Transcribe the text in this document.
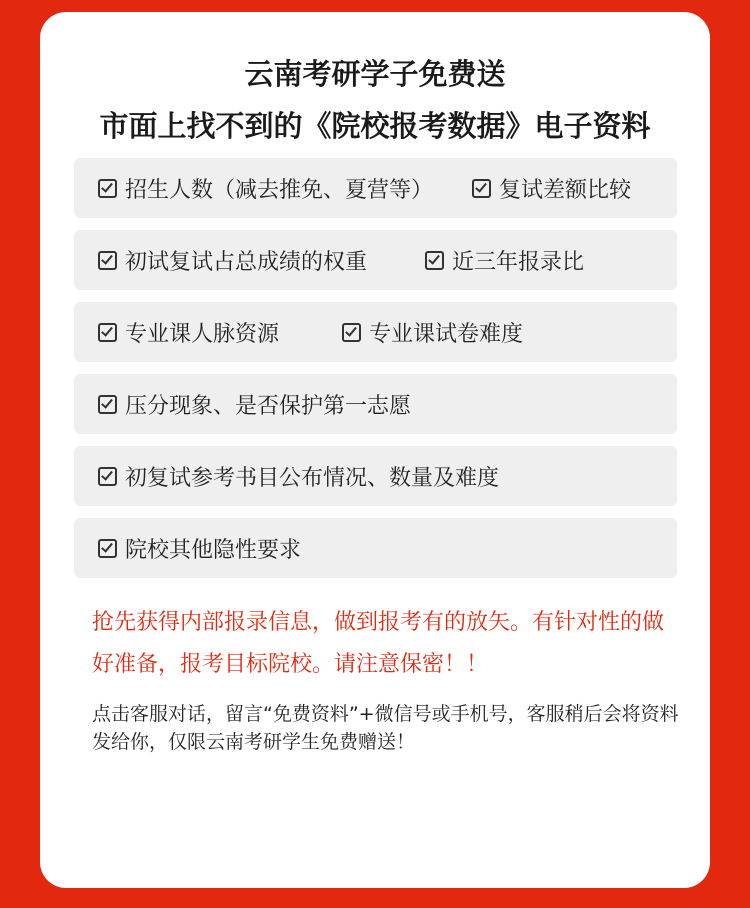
云南考研学子免费送
市面上找不到的《院校报考数据》电子资料
招生人数（减去推免、夏营等）	复试差额比较
初试复试占总成绩的权重	近三年报录比
专业课人脉资源	专业课试卷难度
压分现象、是否保护第一志愿
初复试参考书目公布情况、数量及难度
院校其他隐性要求
抢先获得内部报录信息，做到报考有的放矢。有针对性的做好准备，报考目标院校。请注意保密！！
点击客服对话，留言“免费资料”+微信号或手机号，客服稍后会将资料发给你，仅限云南考研学生免费赠送！
